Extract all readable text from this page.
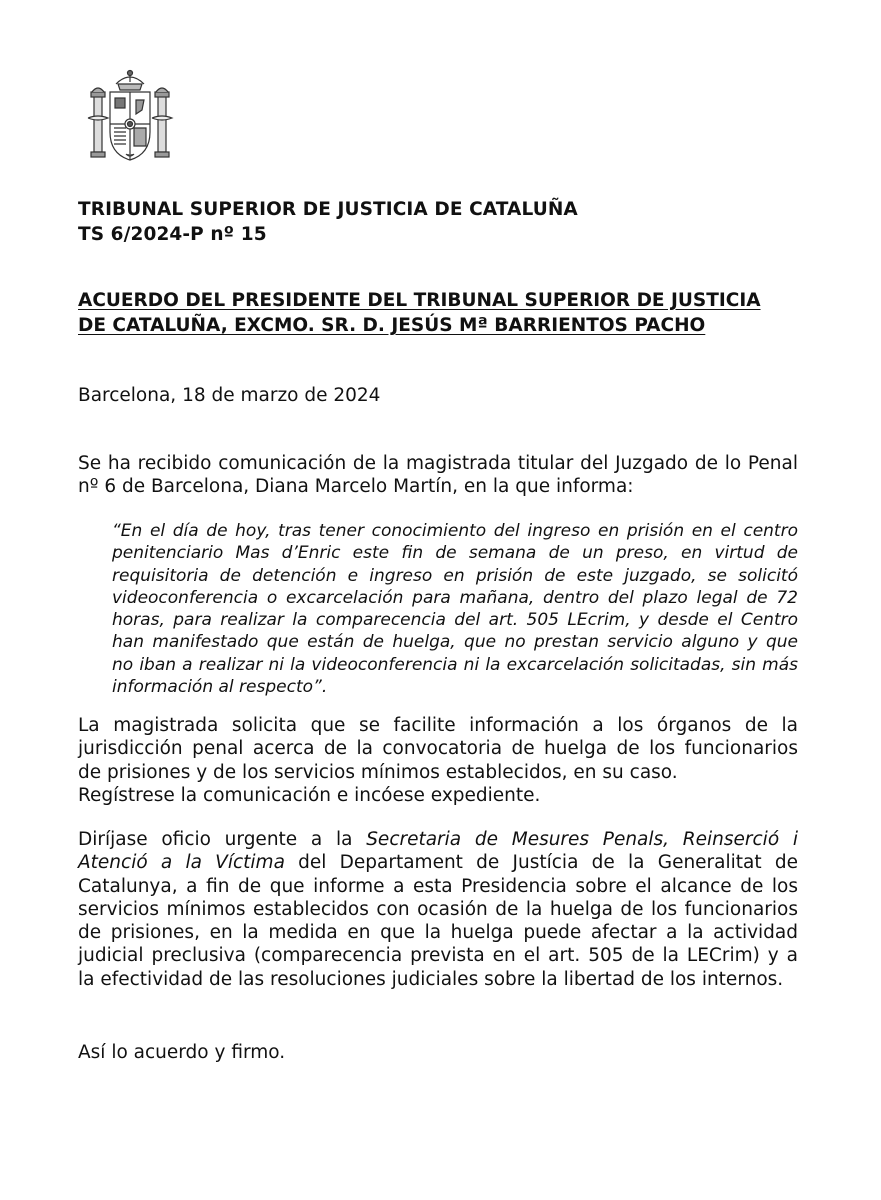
TRIBUNAL SUPERIOR DE JUSTICIA DE CATALUÑA
TS 6/2024-P nº 15
ACUERDO DEL PRESIDENTE DEL TRIBUNAL SUPERIOR DE JUSTICIA
DE CATALUÑA, EXCMO. SR. D. JESÚS Mª BARRIENTOS PACHO
Barcelona, 18 de marzo de 2024
Se ha recibido comunicación de la magistrada titular del Juzgado de lo Penal
nº 6 de Barcelona, Diana Marcelo Martín, en la que informa:
“En el día de hoy, tras tener conocimiento del ingreso en prisión en el centro
penitenciario Mas d’Enric este fin de semana de un preso, en virtud de
requisitoria de detención e ingreso en prisión de este juzgado, se solicitó
videoconferencia o excarcelación para mañana, dentro del plazo legal de 72
horas, para realizar la comparecencia del art. 505 LEcrim, y desde el Centro
han manifestado que están de huelga, que no prestan servicio alguno y que
no iban a realizar ni la videoconferencia ni la excarcelación solicitadas, sin más
información al respecto”.
La magistrada solicita que se facilite información a los órganos de la
jurisdicción penal acerca de la convocatoria de huelga de los funcionarios
de prisiones y de los servicios mínimos establecidos, en su caso.
Regístrese la comunicación e incóese expediente.
Diríjase oficio urgente a la Secretaria de Mesures Penals, Reinserció i
Atenció a la Víctima del Departament de Justícia de la Generalitat de
Catalunya, a fin de que informe a esta Presidencia sobre el alcance de los
servicios mínimos establecidos con ocasión de la huelga de los funcionarios
de prisiones, en la medida en que la huelga puede afectar a la actividad
judicial preclusiva (comparecencia prevista en el art. 505 de la LECrim) y a
la efectividad de las resoluciones judiciales sobre la libertad de los internos.
Así lo acuerdo y firmo.
